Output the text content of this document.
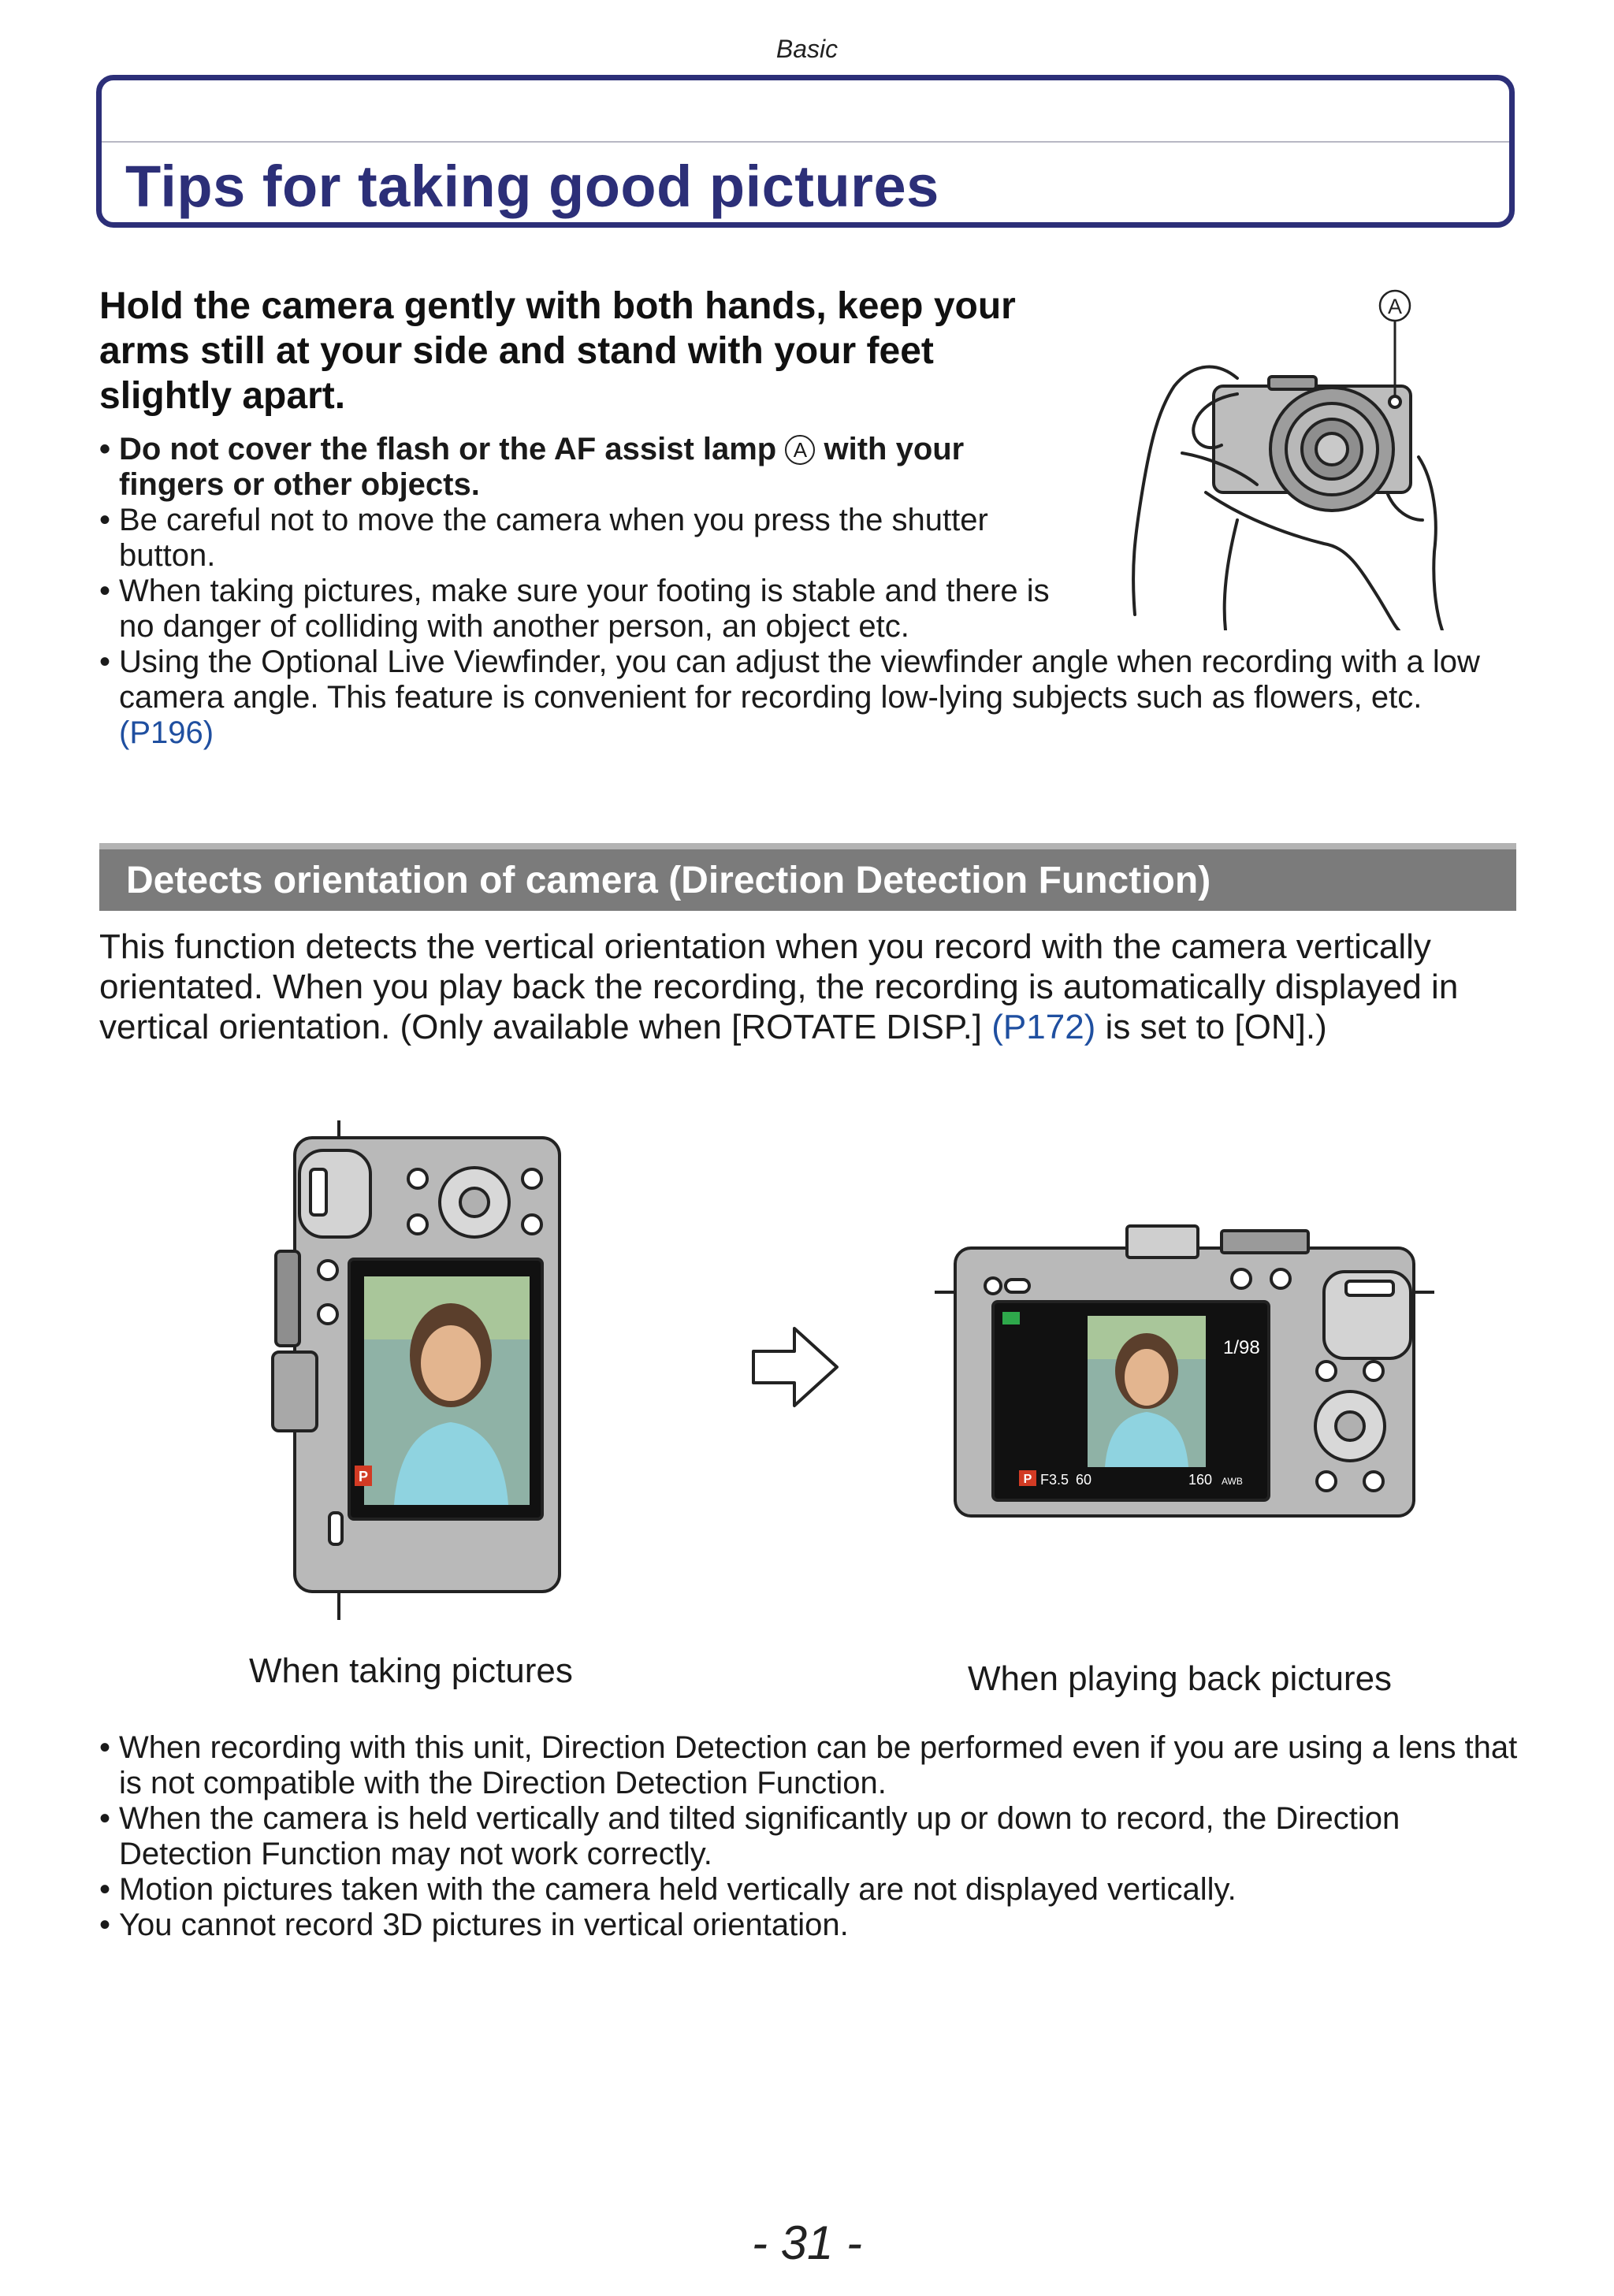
Basic
Tips for taking good pictures

Hold the camera gently with both hands, keep your arms still at your side and stand with your feet slightly apart.

A
• Do not cover the flash or the AF assist lamp A with your fingers or other objects.
• Be careful not to move the camera when you press the shutter button.
• When taking pictures, make sure your footing is stable and there is no danger of colliding with another person, an object etc.
• Using the Optional Live Viewfinder, you can adjust the viewfinder angle when recording with a low camera angle. This feature is convenient for recording low-lying subjects such as flowers, etc. (P196)
Detects orientation of camera (Direction Detection Function)

This function detects the vertical orientation when you record with the camera vertically orientated. When you play back the recording, the recording is automatically displayed in vertical orientation. (Only available when [ROTATE DISP.] (P172) is set to [ON].)

P
1/98
P F3.5 60	160 AWB
When taking pictures	When playing back pictures
• When recording with this unit, Direction Detection can be performed even if you are using a lens that is not compatible with the Direction Detection Function.
• When the camera is held vertically and tilted significantly up or down to record, the Direction Detection Function may not work correctly.
• Motion pictures taken with the camera held vertically are not displayed vertically.
• You cannot record 3D pictures in vertical orientation.
- 31 -
